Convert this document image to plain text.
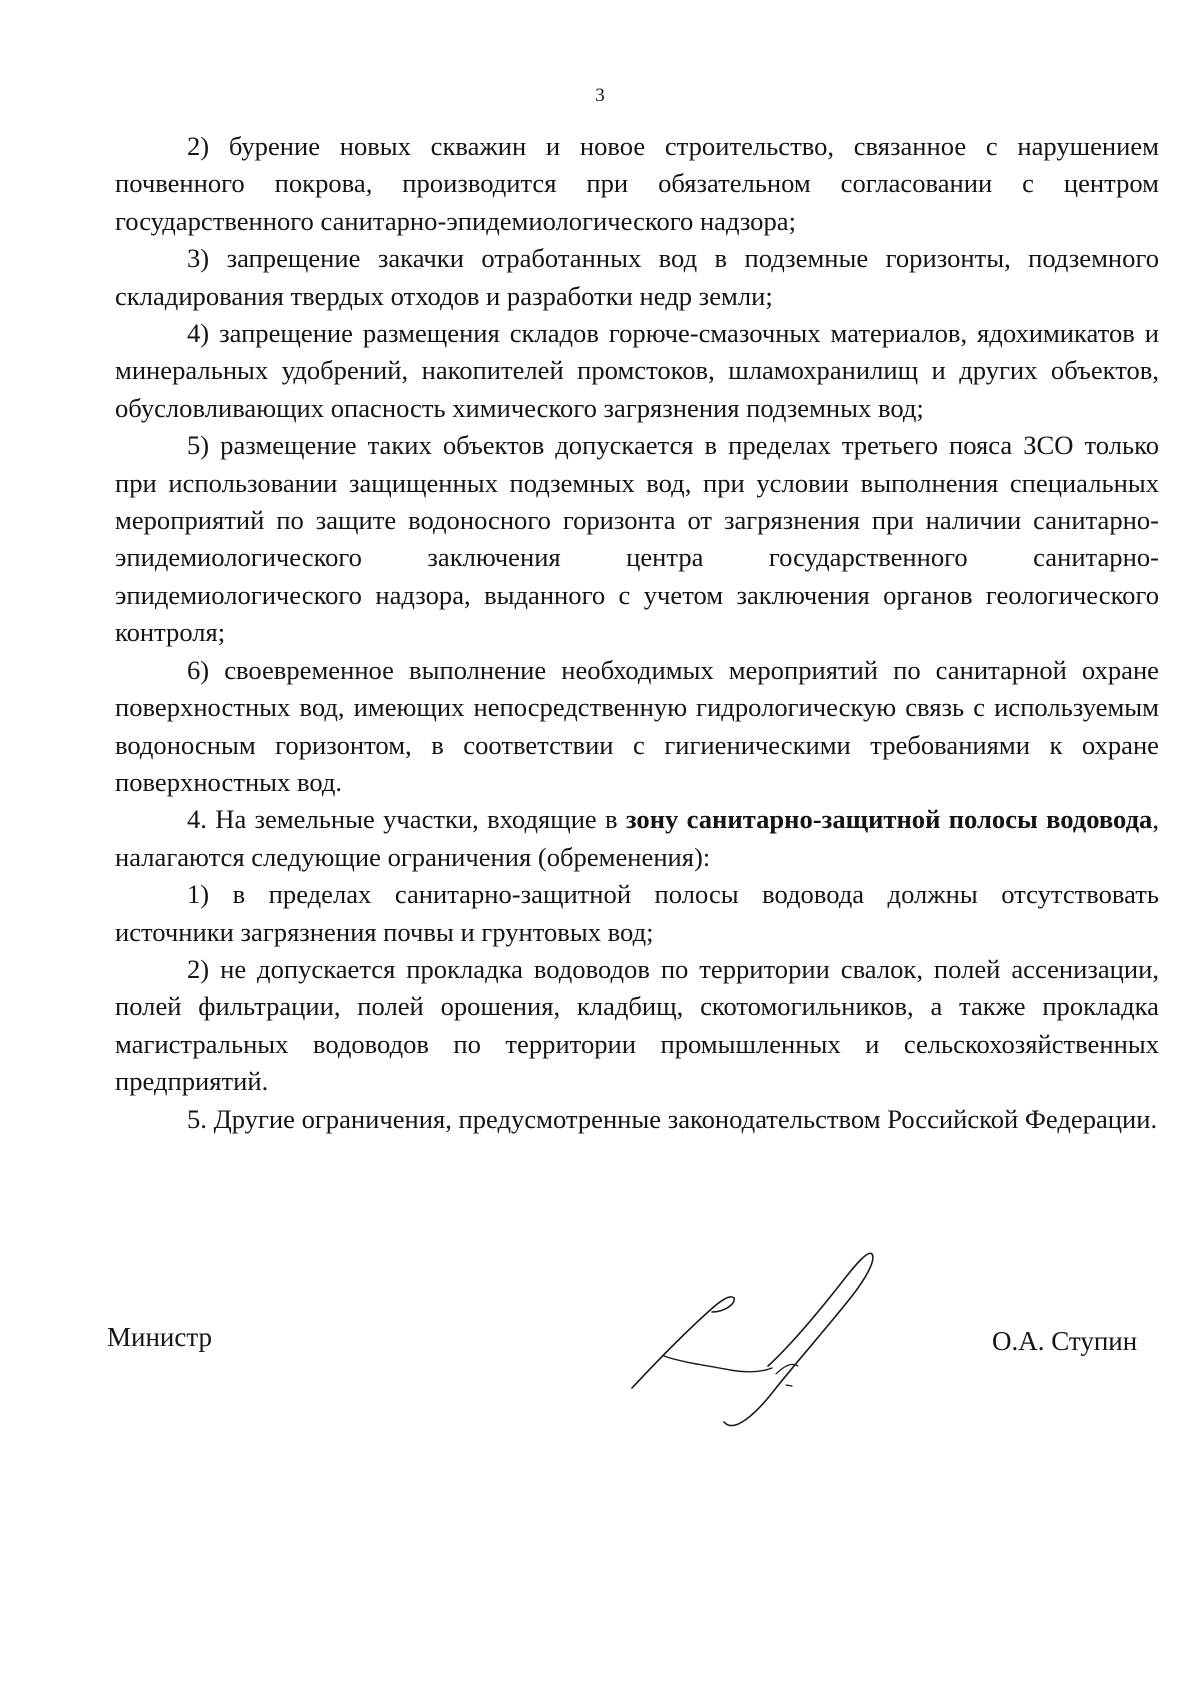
3

2) бурение новых скважин и новое строительство, связанное с нарушением почвенного покрова, производится при обязательном согласовании с центром государственного санитарно-эпидемиологического надзора;

3) запрещение закачки отработанных вод в подземные горизонты, подземного складирования твердых отходов и разработки недр земли;

4) запрещение размещения складов горюче-смазочных материалов, ядохимикатов и минеральных удобрений, накопителей промстоков, шламохранилищ и других объектов, обусловливающих опасность химического загрязнения подземных вод;

5) размещение таких объектов допускается в пределах третьего пояса ЗСО только при использовании защищенных подземных вод, при условии выполнения специальных мероприятий по защите водоносного горизонта от загрязнения при наличии санитарно-эпидемиологического заключения центра государственного санитарно-эпидемиологического надзора, выданного с учетом заключения органов геологического контроля;

6) своевременное выполнение необходимых мероприятий по санитарной охране поверхностных вод, имеющих непосредственную гидрологическую связь с используемым водоносным горизонтом, в соответствии с гигиеническими требованиями к охране поверхностных вод.

4. На земельные участки, входящие в зону санитарно-защитной полосы водовода, налагаются следующие ограничения (обременения):

1) в пределах санитарно-защитной полосы водовода должны отсутствовать источники загрязнения почвы и грунтовых вод;

2) не допускается прокладка водоводов по территории свалок, полей ассенизации, полей фильтрации, полей орошения, кладбищ, скотомогильников, а также прокладка магистральных водоводов по территории промышленных и сельскохозяйственных предприятий.

5. Другие ограничения, предусмотренные законодательством Российской Федерации.

Министр	О.А. Ступин
